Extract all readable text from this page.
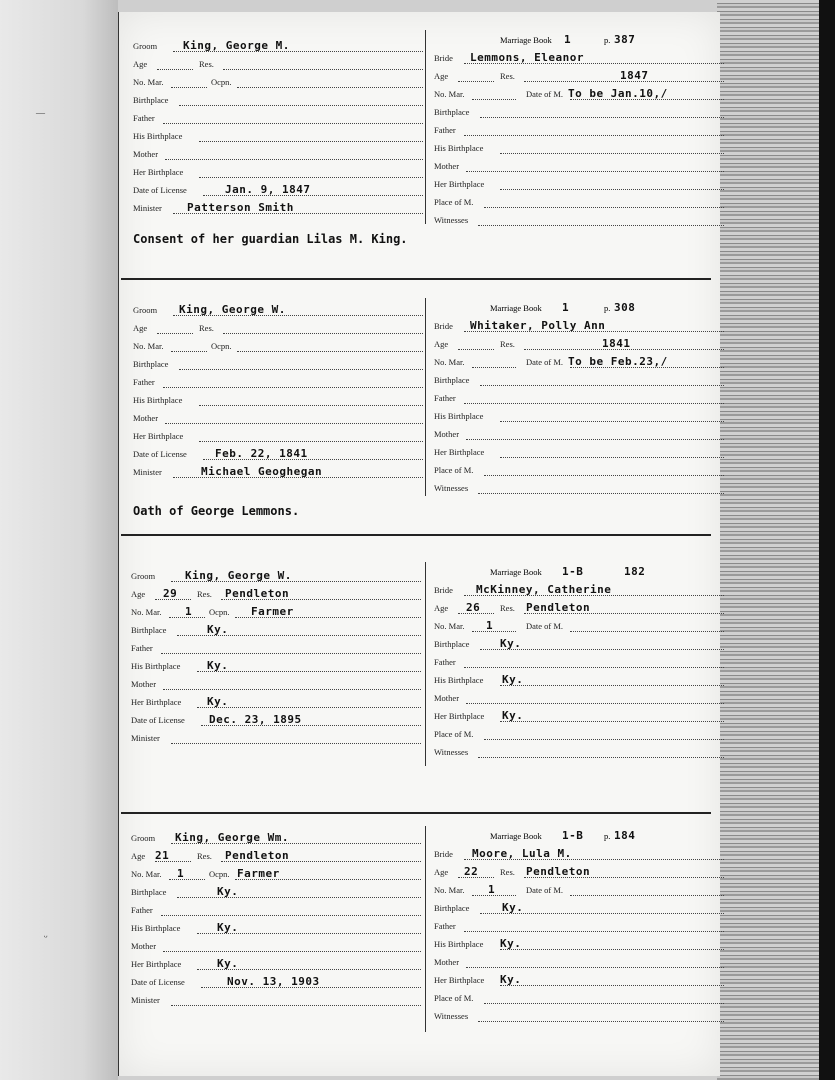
ᵕ
—
Groom King, George M.
Age	Res.
No. Mar.	Ocpn.
Birthplace
Father
His Birthplace
Mother
Her Birthplace
Date of License	Jan. 9, 1847
Minister Patterson Smith
Marriage Book 1	p. 387
Bride Lemmons, Eleanor
Age	Res.	1847
No. Mar.	Date of M. To be Jan.10,/
Birthplace
Father
His Birthplace
Mother
Her Birthplace
Place of M.
Witnesses
Consent of her guardian Lilas M. King.
Groom King, George W.
Age	Res.
No. Mar.	Ocpn.
Birthplace
Father
His Birthplace
Mother
Her Birthplace
Date of License	Feb. 22, 1841
Minister	Michael Geoghegan
Marriage Book 1	p. 308
Bride Whitaker, Polly Ann
Age	Res.	1841
No. Mar.	Date of M. To be Feb.23,/
Birthplace
Father
His Birthplace
Mother
Her Birthplace
Place of M.
Witnesses
Oath of George Lemmons.
Groom	King, George W.
Age 29 Res. Pendleton
No. Mar. 1 Ocpn. Farmer
Birthplace	Ky.
Father
His Birthplace Ky.
Mother
Her Birthplace Ky.
Date of License Dec. 23, 1895
Minister
Marriage Book 1-B	182
Bride McKinney, Catherine
Age 26 Res. Pendleton
No. Mar. 1	Date of M.
Birthplace	Ky.
Father
His Birthplace Ky.
Mother
Her Birthplace Ky.
Place of M.
Witnesses
Groom King, George Wm.
Age 21	Res. Pendleton
No. Mar. 1	Ocpn. Farmer
Birthplace	Ky.
Father
His Birthplace	Ky.
Mother
Her Birthplace	Ky.
Date of License	Nov. 13, 1903
Minister
Marriage Book 1-B p. 184
Bride Moore, Lula M.
Age 22	Res. Pendleton
No. Mar. 1	Date of M.
Birthplace	Ky.
Father
His Birthplace Ky.
Mother
Her Birthplace Ky.
Place of M.
Witnesses
